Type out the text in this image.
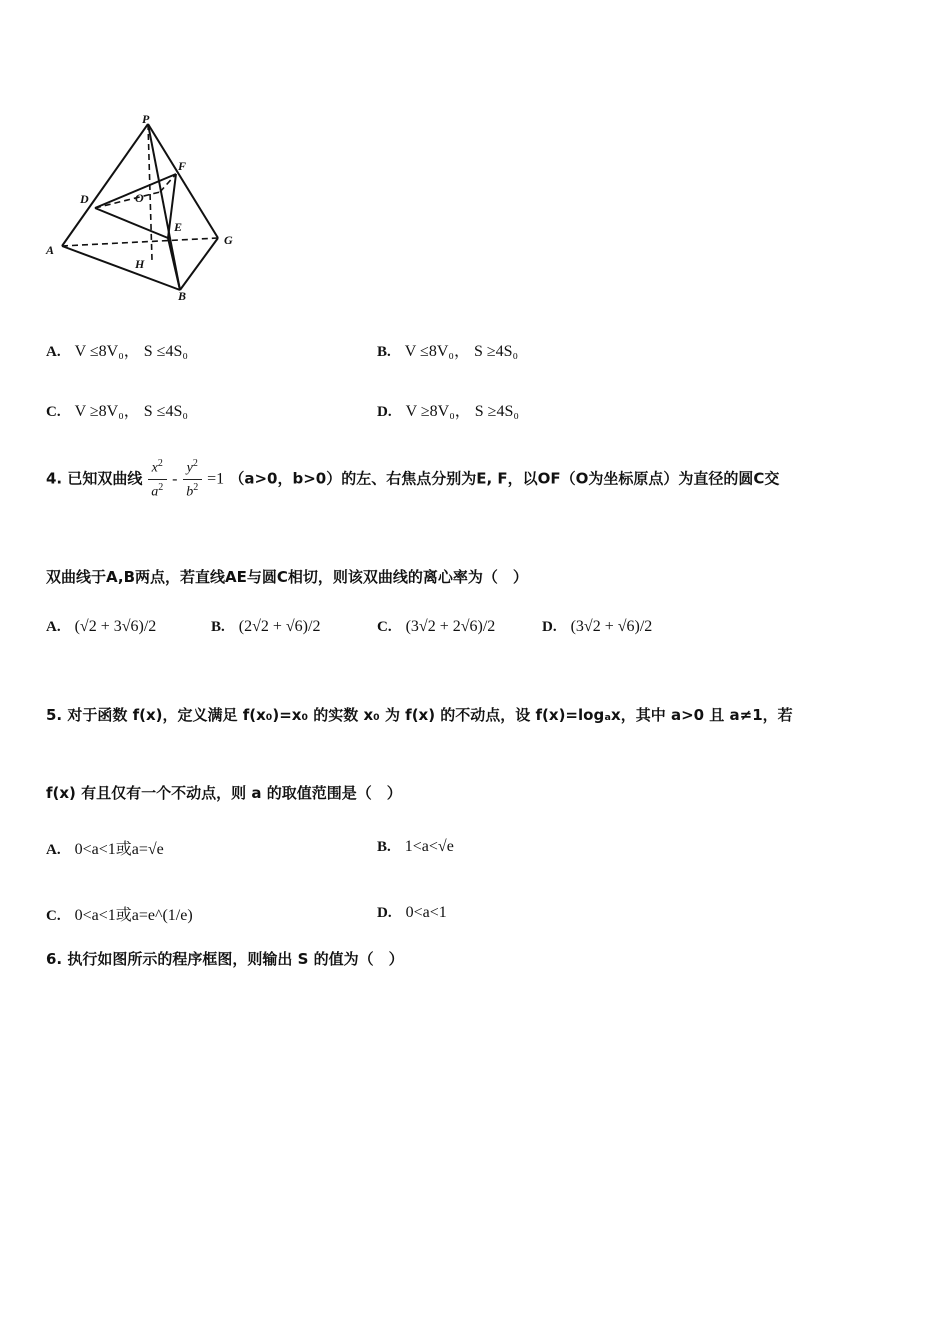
P
F
D	O
E
A
G
H
B
A. V ≤8V₀， S ≤4S₀	B. V ≤8V₀， S ≥4S₀
C. V ≥8V₀， S ≤4S₀	D. V ≥8V₀， S ≥4S₀
4. 已知双曲线 $\frac{x^2}{a^2} - \frac{y^2}{b^2} =1$ （a>0，b>0）的左、右焦点分别为E, F，以OF（O为坐标原点）为直径的圆C交
双曲线于A,B两点，若直线AE与圆C相切，则该双曲线的离心率为（　）
A. (√2 + 3√6)/2	B. (2√2 + √6)/2	C. (3√2 + 2√6)/2	D. (3√2 + √6)/2
5. 对于函数 f(x)，定义满足 f(x₀)=x₀ 的实数 x₀ 为 f(x) 的不动点，设 f(x)=logₐx，其中 a>0 且 a≠1，若
f(x) 有且仅有一个不动点，则 a 的取值范围是（　）
A. 0<a<1或a=√e	B. 1<a<√e
C. 0<a<1或a=e^(1/e)	D. 0<a<1
6. 执行如图所示的程序框图，则输出 S 的值为（　）
